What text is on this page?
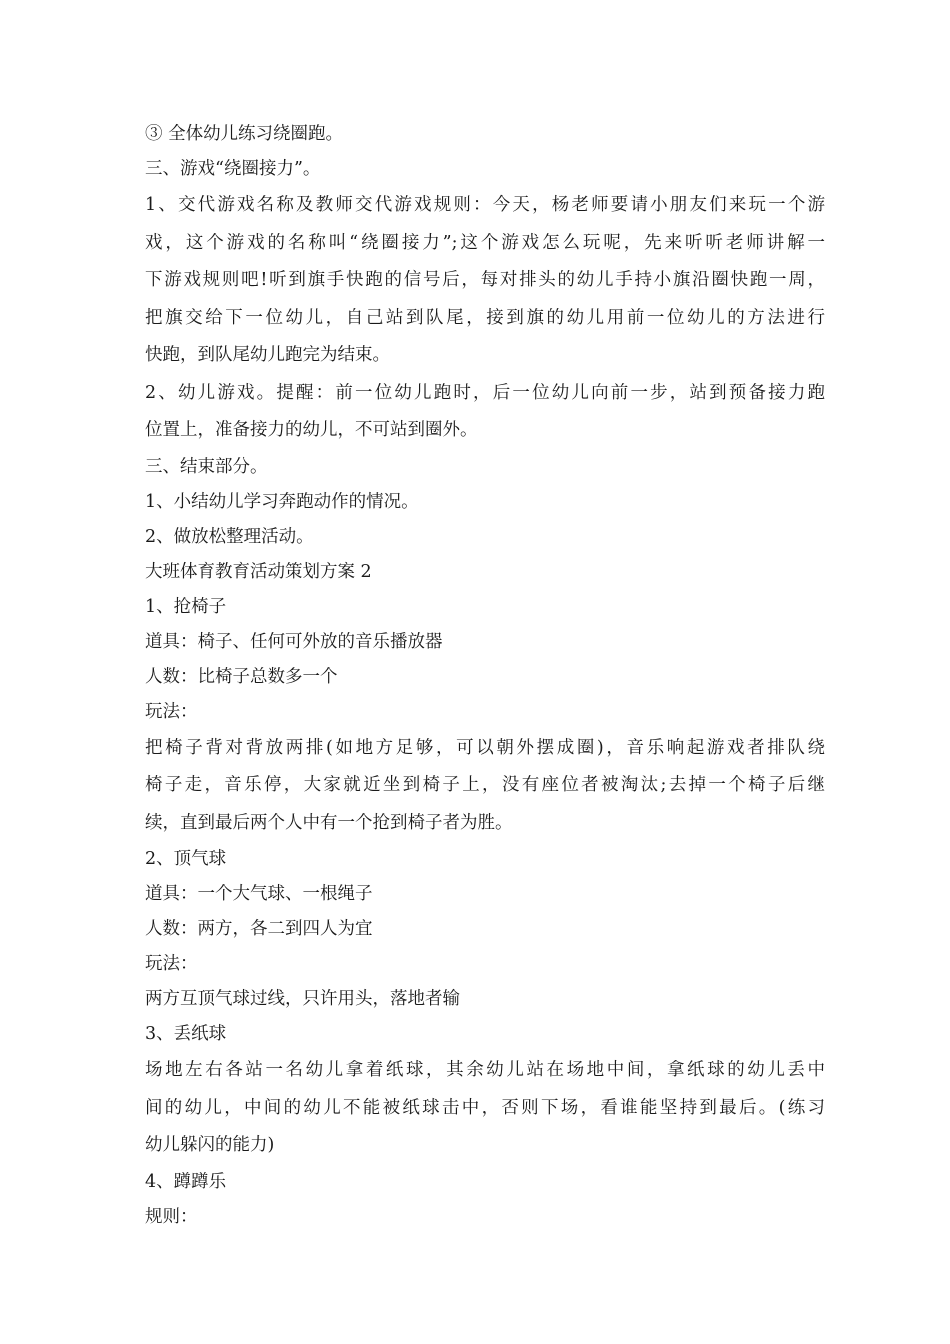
③ 全体幼儿练习绕圈跑。
三、游戏“绕圈接力”。
1、交代游戏名称及教师交代游戏规则：今天，杨老师要请小朋友们来玩一个游
戏，这个游戏的名称叫“绕圈接力”;这个游戏怎么玩呢，先来听听老师讲解一
下游戏规则吧!听到旗手快跑的信号后，每对排头的幼儿手持小旗沿圈快跑一周，
把旗交给下一位幼儿，自己站到队尾，接到旗的幼儿用前一位幼儿的方法进行
快跑，到队尾幼儿跑完为结束。
2、幼儿游戏。提醒：前一位幼儿跑时，后一位幼儿向前一步，站到预备接力跑
位置上，准备接力的幼儿，不可站到圈外。
三、结束部分。
1、小结幼儿学习奔跑动作的情况。
2、做放松整理活动。
大班体育教育活动策划方案 2
1、抢椅子
道具：椅子、任何可外放的音乐播放器
人数：比椅子总数多一个
玩法：
把椅子背对背放两排(如地方足够，可以朝外摆成圈)，音乐响起游戏者排队绕
椅子走，音乐停，大家就近坐到椅子上，没有座位者被淘汰;去掉一个椅子后继
续，直到最后两个人中有一个抢到椅子者为胜。
2、顶气球
道具：一个大气球、一根绳子
人数：两方，各二到四人为宜
玩法：
两方互顶气球过线，只许用头，落地者输
3、丢纸球
场地左右各站一名幼儿拿着纸球，其余幼儿站在场地中间，拿纸球的幼儿丢中
间的幼儿，中间的幼儿不能被纸球击中，否则下场，看谁能坚持到最后。(练习
幼儿躲闪的能力)
4、蹲蹲乐
规则：
